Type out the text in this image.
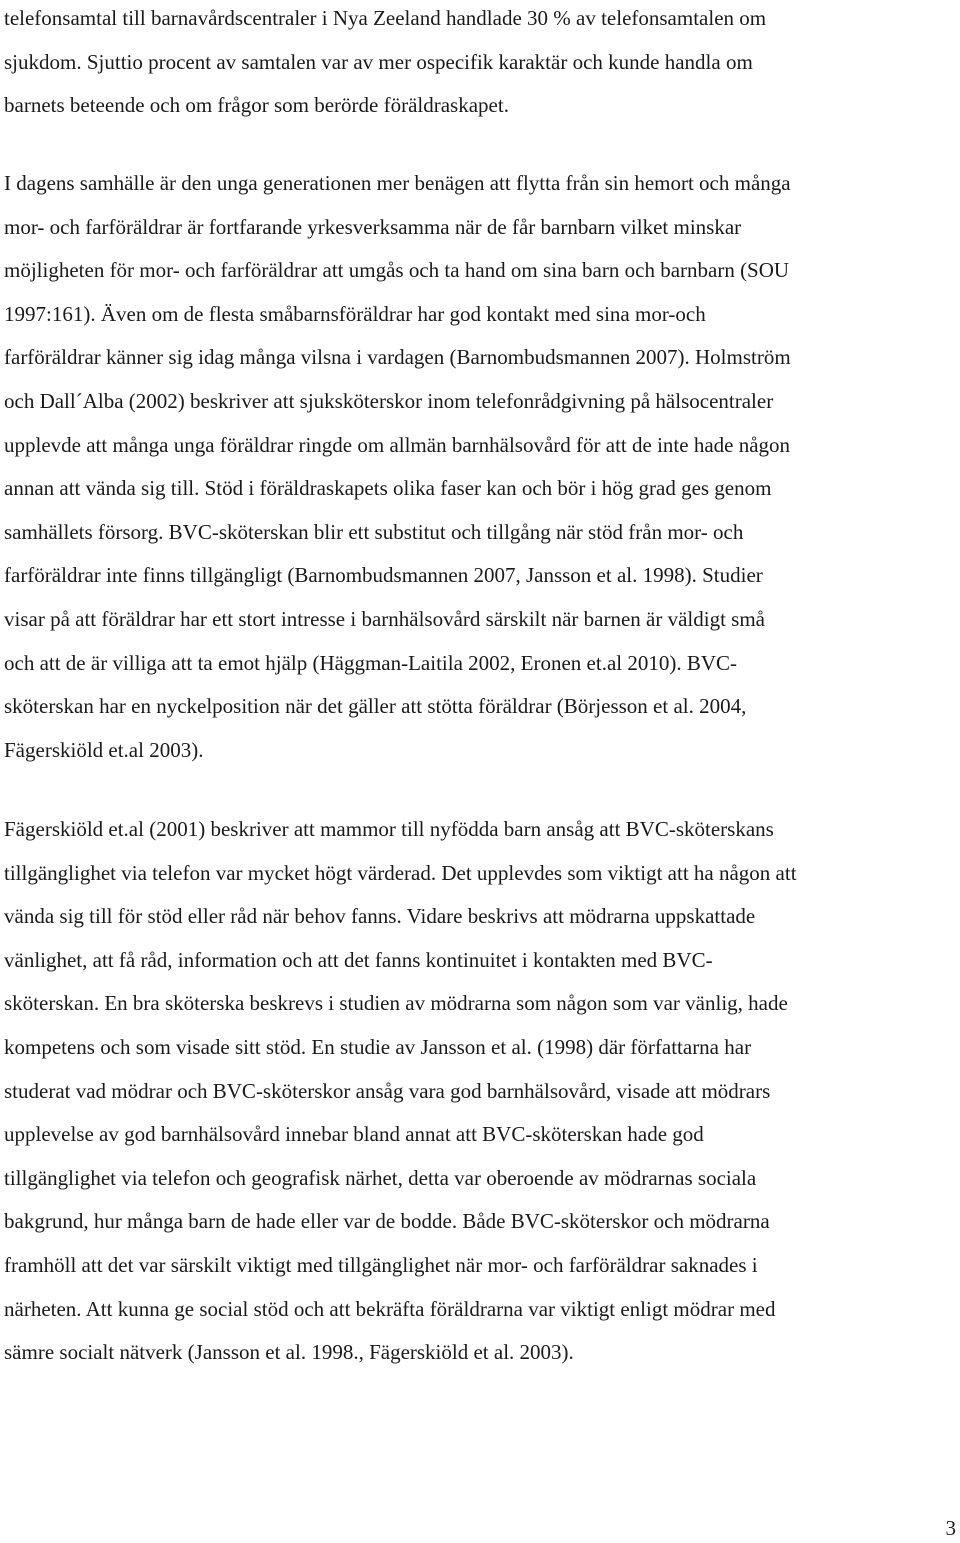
telefonsamtal till barnavårdscentraler i Nya Zeeland handlade 30 % av telefonsamtalen om
sjukdom. Sjuttio procent av samtalen var av mer ospecifik karaktär och kunde handla om
barnets beteende och om frågor som berörde föräldraskapet.
I dagens samhälle är den unga generationen mer benägen att flytta från sin hemort och många
mor- och farföräldrar är fortfarande yrkesverksamma när de får barnbarn vilket minskar
möjligheten för mor- och farföräldrar att umgås och ta hand om sina barn och barnbarn (SOU
1997:161). Även om de flesta småbarnsföräldrar har god kontakt med sina mor-och
farföräldrar känner sig idag många vilsna i vardagen (Barnombudsmannen 2007). Holmström
och Dall´Alba (2002) beskriver att sjuksköterskor inom telefonrådgivning på hälsocentraler
upplevde att många unga föräldrar ringde om allmän barnhälsovård för att de inte hade någon
annan att vända sig till. Stöd i föräldraskapets olika faser kan och bör i hög grad ges genom
samhällets försorg. BVC-sköterskan blir ett substitut och tillgång när stöd från mor- och
farföräldrar inte finns tillgängligt (Barnombudsmannen 2007, Jansson et al. 1998). Studier
visar på att föräldrar har ett stort intresse i barnhälsovård särskilt när barnen är väldigt små
och att de är villiga att ta emot hjälp (Häggman-Laitila 2002, Eronen et.al 2010). BVC-
sköterskan har en nyckelposition när det gäller att stötta föräldrar (Börjesson et al. 2004,
Fägerskiöld et.al 2003).
Fägerskiöld et.al (2001) beskriver att mammor till nyfödda barn ansåg att BVC-sköterskans
tillgänglighet via telefon var mycket högt värderad. Det upplevdes som viktigt att ha någon att
vända sig till för stöd eller råd när behov fanns. Vidare beskrivs att mödrarna uppskattade
vänlighet, att få råd, information och att det fanns kontinuitet i kontakten med BVC-
sköterskan. En bra sköterska beskrevs i studien av mödrarna som någon som var vänlig, hade
kompetens och som visade sitt stöd. En studie av Jansson et al. (1998) där författarna har
studerat vad mödrar och BVC-sköterskor ansåg vara god barnhälsovård, visade att mödrars
upplevelse av god barnhälsovård innebar bland annat att BVC-sköterskan hade god
tillgänglighet via telefon och geografisk närhet, detta var oberoende av mödrarnas sociala
bakgrund, hur många barn de hade eller var de bodde. Både BVC-sköterskor och mödrarna
framhöll att det var särskilt viktigt med tillgänglighet när mor- och farföräldrar saknades i
närheten. Att kunna ge social stöd och att bekräfta föräldrarna var viktigt enligt mödrar med
sämre socialt nätverk (Jansson et al. 1998., Fägerskiöld et al. 2003).
3
